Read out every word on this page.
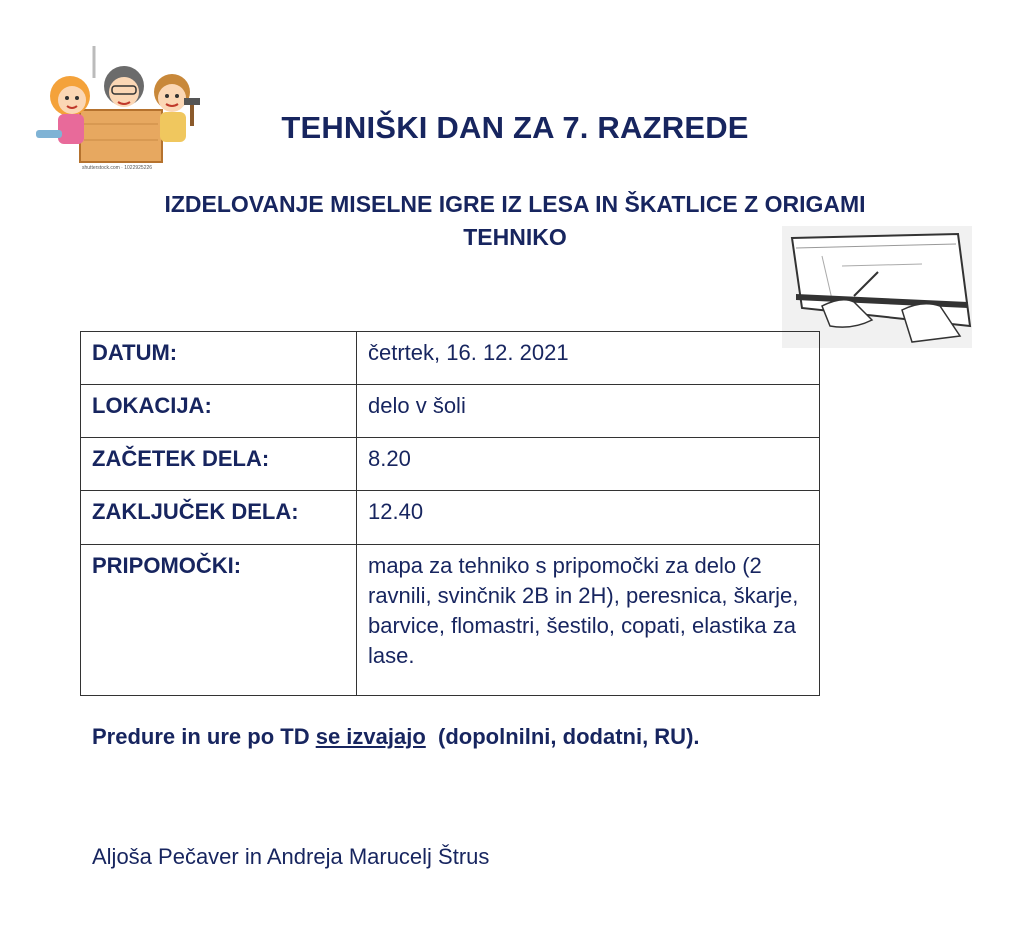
shutterstock.com · 1022925226
TEHNIŠKI DAN ZA 7. RAZREDE
IZDELOVANJE MISELNE IGRE IZ LESA IN ŠKATLICE Z ORIGAMI TEHNIKO
DATUM:	četrtek, 16. 12. 2021
LOKACIJA:	delo v šoli
ZAČETEK DELA:	8.20
ZAKLJUČEK DELA:	12.40
PRIPOMOČKI:	mapa za tehniko s pripomočki za delo (2 ravnili, svinčnik 2B in 2H), peresnica, škarje, barvice, flomastri, šestilo, copati, elastika za lase.
Predure in ure po TD se izvajajo  (dopolnilni, dodatni, RU).
Aljoša Pečaver in Andreja Marucelj Štrus
